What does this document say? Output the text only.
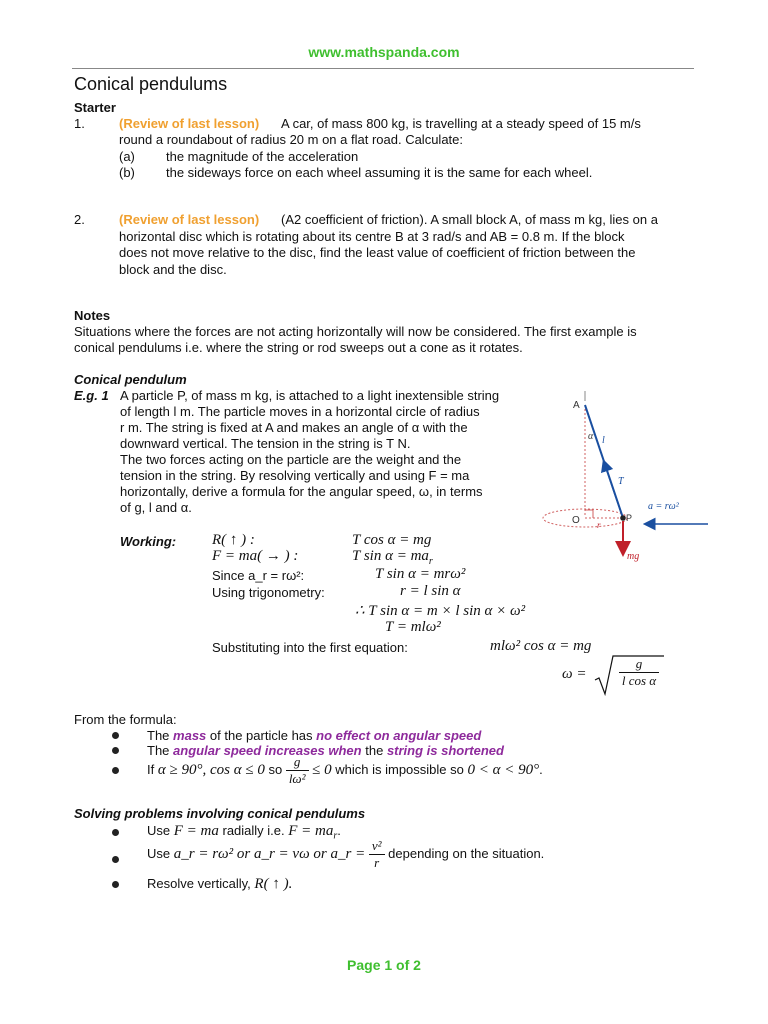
www.mathspanda.com
Conical pendulums
Starter
1.	(Review of last lesson) A car, of mass 800 kg, is travelling at a steady speed of 15 m/s
round a roundabout of radius 20 m on a flat road. Calculate:
(a) the magnitude of the acceleration
(b) the sideways force on each wheel assuming it is the same for each wheel.
2.	(Review of last lesson) (A2 coefficient of friction). A small block A, of mass m kg, lies on a
horizontal disc which is rotating about its centre B at 3 rad/s and AB = 0.8 m. If the block
does not move relative to the disc, find the least value of coefficient of friction between the
block and the disc.
Notes
Situations where the forces are not acting horizontally will now be considered. The first example is
conical pendulums i.e. where the string or rod sweeps out a cone as it rotates.
Conical pendulum
E.g. 1 A particle P, of mass m kg, is attached to a light inextensible string
of length l m. The particle moves in a horizontal circle of radius
r m. The string is fixed at A and makes an angle of α with the
downward vertical. The tension in the string is T N.
The two forces acting on the particle are the weight and the
tension in the string. By resolving vertically and using F = ma
horizontally, derive a formula for the angular speed, ω, in terms
of g, l and α.
A
α l
T
O r
P
mg
a = rω²
Working: R( ↑ ) :	T cos α = mg
F = ma( → ) :	T $\sin \alpha = ma_r$
Since a_r = rω²:	T sin α = mrω²
Using trigonometry:	r = l sin α
∴ T sin α = m × l sin α × ω²
T = mlω²
Substituting into the first equation:	mlω² cos α = mg
$\omega = \frac{g}{\text{l cos α}}$
From the formula:
The mass of the particle has no effect on angular speed
The angular speed increases when the string is shortened
If α ≥ 90°, cos α ≤ 0 so $\frac{g}{\text{lω²}} \le 0$ which is impossible so 0 < α < 90°.
Solving problems involving conical pendulums
Use F = ma radially i.e. $F = ma_r$.
Use a_r = rω² or a_r = vω or a_r = $\frac{\text{v²}}{r}$ depending on the situation.
Resolve vertically, R( ↑ ).
Page 1 of 2
